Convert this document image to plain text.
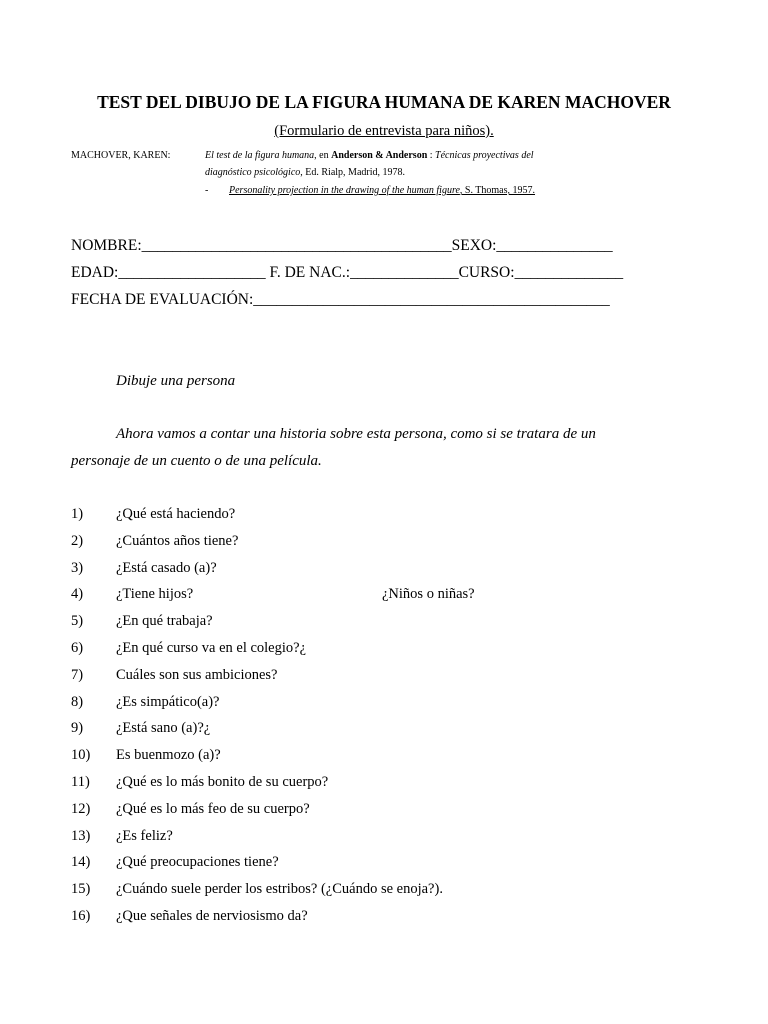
TEST DEL DIBUJO DE LA FIGURA HUMANA DE KAREN MACHOVER
(Formulario de entrevista para niños).
MACHOVER, KAREN:	El test de la figura humana, en Anderson & Anderson : Técnicas proyectivas del
diagnóstico psicológico, Ed. Rialp, Madrid, 1978.
- Personality projection in the drawing of the human figure, S. Thomas, 1957.
NOMBRE:________________________________________SEXO:_______________
EDAD:___________________ F. DE NAC.:______________CURSO:______________
FECHA DE EVALUACIÓN:______________________________________________
Dibuje una persona
Ahora vamos a contar una historia sobre esta persona, como si se tratara de un
personaje de un cuento o de una película.
1) ¿Qué está haciendo?
2) ¿Cuántos años tiene?
3) ¿Está casado (a)?
4) ¿Tiene hijos?	¿Niños o niñas?
5) ¿En qué trabaja?
6) ¿En qué curso va en el colegio?¿
7) Cuáles son sus ambiciones?
8) ¿Es simpático(a)?
9) ¿Está sano (a)?¿
10) Es buenmozo (a)?
11) ¿Qué es lo más bonito de su cuerpo?
12) ¿Qué es lo más feo de su cuerpo?
13) ¿Es feliz?
14) ¿Qué preocupaciones tiene?
15) ¿Cuándo suele perder los estribos? (¿Cuándo se enoja?).
16) ¿Que señales de nerviosismo da?
